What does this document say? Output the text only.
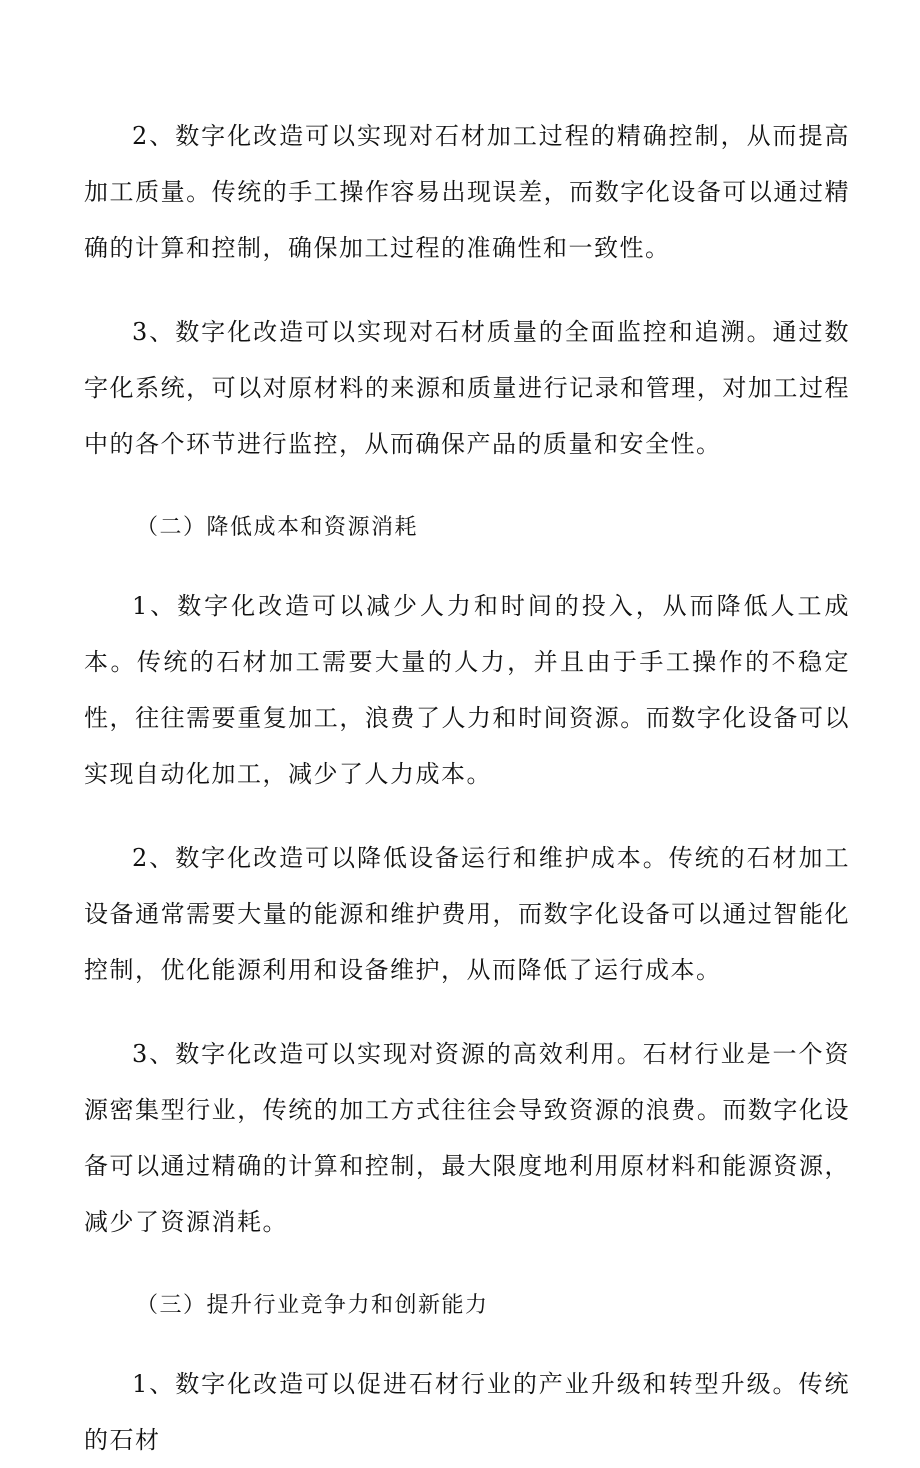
2、数字化改造可以实现对石材加工过程的精确控制，从而提高加工质量。传统的手工操作容易出现误差，而数字化设备可以通过精确的计算和控制，确保加工过程的准确性和一致性。

3、数字化改造可以实现对石材质量的全面监控和追溯。通过数字化系统，可以对原材料的来源和质量进行记录和管理，对加工过程中的各个环节进行监控，从而确保产品的质量和安全性。

（二）降低成本和资源消耗

1、数字化改造可以减少人力和时间的投入，从而降低人工成本。传统的石材加工需要大量的人力，并且由于手工操作的不稳定性，往往需要重复加工，浪费了人力和时间资源。而数字化设备可以实现自动化加工，减少了人力成本。

2、数字化改造可以降低设备运行和维护成本。传统的石材加工设备通常需要大量的能源和维护费用，而数字化设备可以通过智能化控制，优化能源利用和设备维护，从而降低了运行成本。

3、数字化改造可以实现对资源的高效利用。石材行业是一个资源密集型行业，传统的加工方式往往会导致资源的浪费。而数字化设备可以通过精确的计算和控制，最大限度地利用原材料和能源资源，减少了资源消耗。

（三）提升行业竞争力和创新能力

1、数字化改造可以促进石材行业的产业升级和转型升级。传统的石材
